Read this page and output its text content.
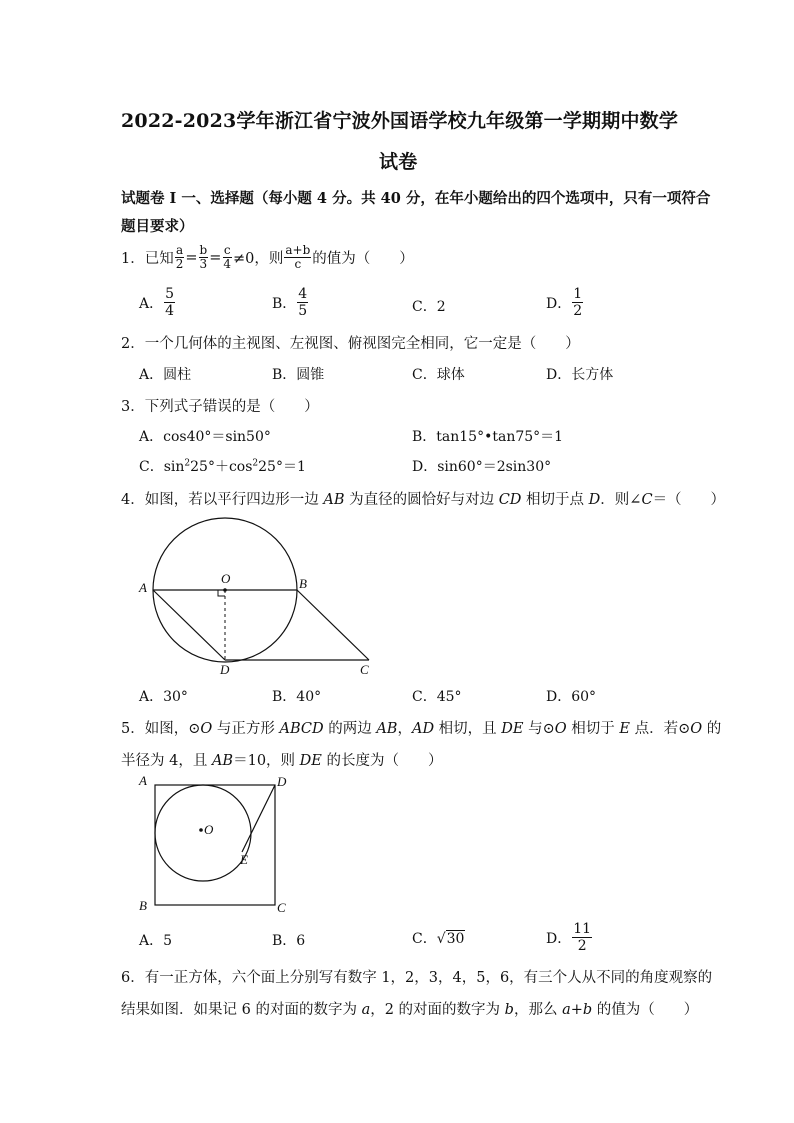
2022-2023学年浙江省宁波外国语学校九年级第一学期期中数学
试卷
试题卷 I 一、选择题（每小题 4 分。共 40 分，在年小题给出的四个选项中，只有一项符合
题目要求）
1．已知 $\frac{a}{2} = \frac{b}{3} = \frac{c}{4} \ne 0$，则 $\frac{a+b}{c}$ 的值为（　　）
A． $\frac{5}{4}$	B． $\frac{4}{5}$	C．2	D． $\frac{1}{2}$
2．一个几何体的主视图、左视图、俯视图完全相同，它一定是（　　）
A．圆柱	B．圆锥	C．球体	D．长方体
3．下列式子错误的是（　　）
A．cos40°＝sin50°	B．tan15°•tan75°＝1
C．$\sin^225^\circ+\cos^225^\circ=1$	D．sin60°＝2sin30°
4．如图，若以平行四边形一边 AB 为直径的圆恰好与对边 CD 相切于点 D．则∠C＝（　　）
A
O	B
D	C
A．30°	B．40°	C．45°	D．60°
5．如图，⊙O 与正方形 ABCD 的两边 AB，AD 相切，且 DE 与⊙O 相切于 E 点．若⊙O 的
半径为 4，且 AB＝10，则 DE 的长度为（　　）
A	D
O
E
B	C
A．5	B．6	C．√30	D． $\frac{11}{2}$
6．有一正方体，六个面上分别写有数字 1，2，3，4，5，6，有三个人从不同的角度观察的
结果如图．如果记 6 的对面的数字为 a，2 的对面的数字为 b，那么 a+b 的值为（　　）
